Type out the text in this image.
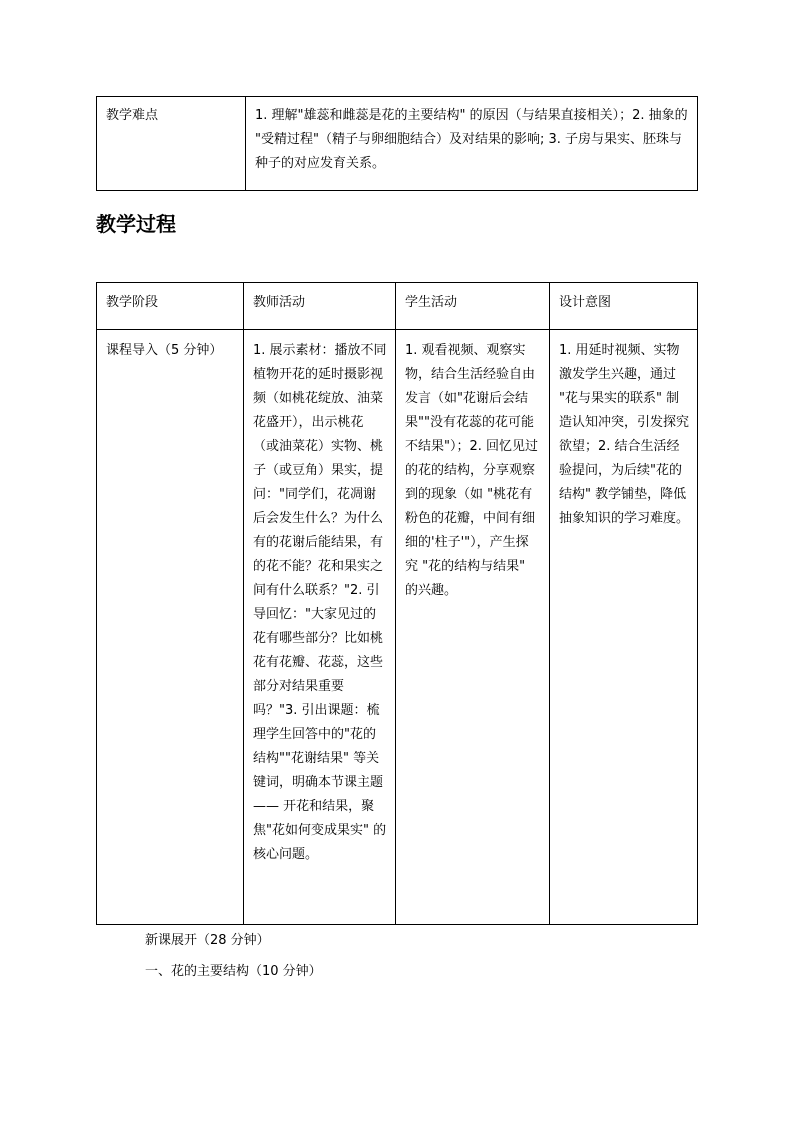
教学难点	1. 理解"雄蕊和雌蕊是花的主要结构" 的原因（与结果直接相关）；2. 抽象的 "受精过程"（精子与卵细胞结合）及对结果的影响; 3. 子房与果实、胚珠与种子的对应发育关系。
教学过程
教学阶段	教师活动	学生活动	设计意图
课程导入（5 分钟）	1. 展示素材：播放不同植物开花的延时摄影视频（如桃花绽放、油菜花盛开），出示桃花（或油菜花）实物、桃子（或豆角）果实，提问："同学们，花凋谢后会发生什么？为什么有的花谢后能结果，有的花不能？花和果实之间有什么联系？"2. 引导回忆："大家见过的花有哪些部分？比如桃花有花瓣、花蕊，这些部分对结果重要吗？"3. 引出课题：梳理学生回答中的"花的结构""花谢结果" 等关键词，明确本节课主题 —— 开花和结果，聚焦"花如何变成果实" 的核心问题。	1. 观看视频、观察实物，结合生活经验自由发言（如"花谢后会结果""没有花蕊的花可能不结果"）；2. 回忆见过的花的结构，分享观察到的现象（如 "桃花有粉色的花瓣，中间有细细的'柱子'"），产生探究 "花的结构与结果" 的兴趣。	1. 用延时视频、实物激发学生兴趣，通过 "花与果实的联系" 制造认知冲突，引发探究欲望；2. 结合生活经验提问，为后续"花的结构" 教学铺垫，降低抽象知识的学习难度。

新课展开（28 分钟）

一、花的主要结构（10 分钟）
